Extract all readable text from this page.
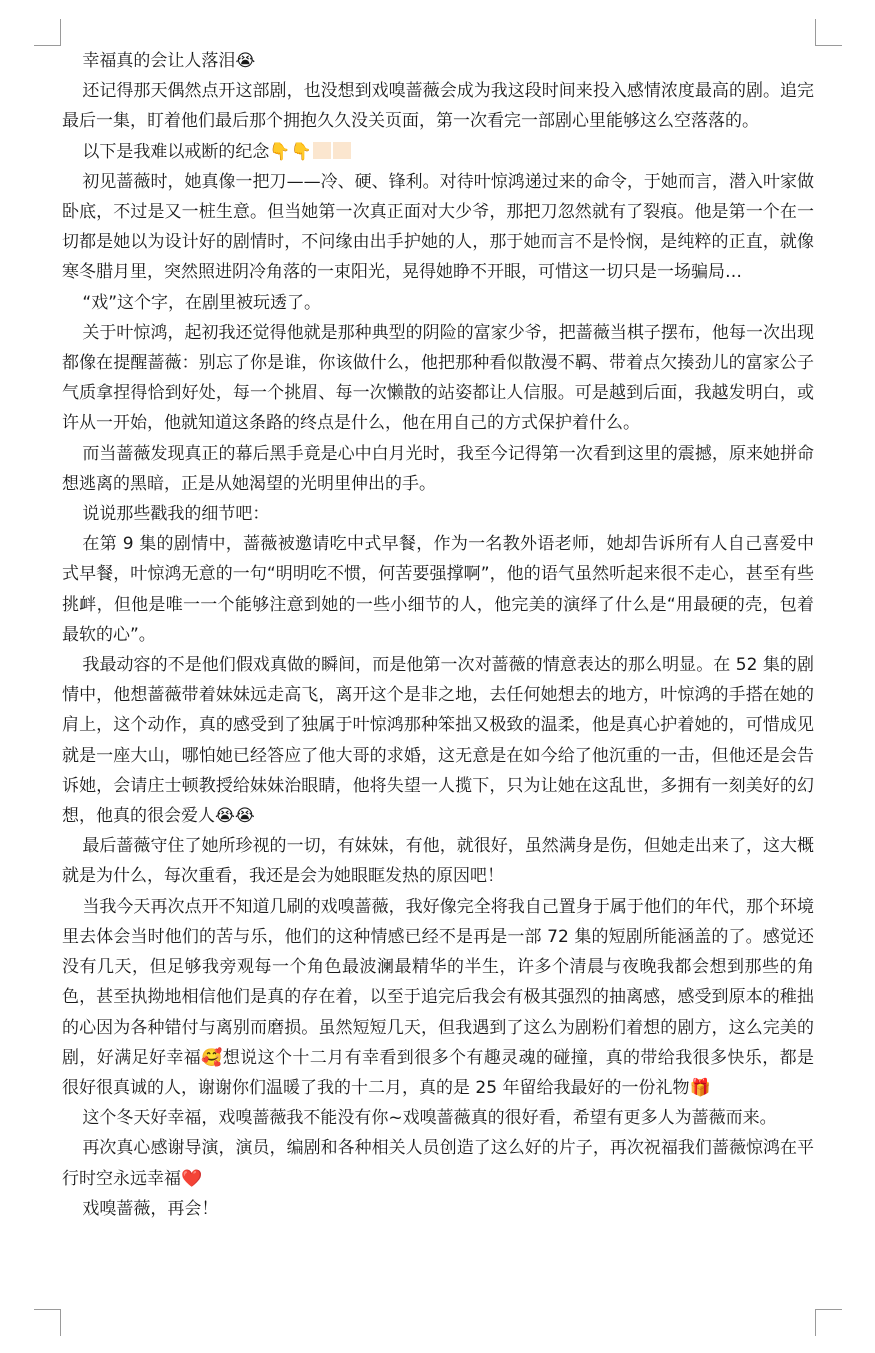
幸福真的会让人落泪😭

还记得那天偶然点开这部剧，也没想到戏嗅蔷薇会成为我这段时间来投入感情浓度最高的剧。追完最后一集，盯着他们最后那个拥抱久久没关页面，第一次看完一部剧心里能够这么空落落的。

以下是我难以戒断的纪念👇👇

初见蔷薇时，她真像一把刀——冷、硬、锋利。对待叶惊鸿递过来的命令，于她而言，潜入叶家做卧底，不过是又一桩生意。但当她第一次真正面对大少爷，那把刀忽然就有了裂痕。他是第一个在一切都是她以为设计好的剧情时，不问缘由出手护她的人，那于她而言不是怜悯，是纯粹的正直，就像寒冬腊月里，突然照进阴冷角落的一束阳光，晃得她睁不开眼，可惜这一切只是一场骗局…

“戏”这个字，在剧里被玩透了。

关于叶惊鸿，起初我还觉得他就是那种典型的阴险的富家少爷，把蔷薇当棋子摆布，他每一次出现都像在提醒蔷薇：别忘了你是谁，你该做什么，他把那种看似散漫不羁、带着点欠揍劲儿的富家公子气质拿捏得恰到好处，每一个挑眉、每一次懒散的站姿都让人信服。可是越到后面，我越发明白，或许从一开始，他就知道这条路的终点是什么，他在用自己的方式保护着什么。

而当蔷薇发现真正的幕后黑手竟是心中白月光时，我至今记得第一次看到这里的震撼，原来她拼命想逃离的黑暗，正是从她渴望的光明里伸出的手。

说说那些戳我的细节吧：

在第 9 集的剧情中，蔷薇被邀请吃中式早餐，作为一名教外语老师，她却告诉所有人自己喜爱中式早餐，叶惊鸿无意的一句“明明吃不惯，何苦要强撑啊”，他的语气虽然听起来很不走心，甚至有些挑衅，但他是唯一一个能够注意到她的一些小细节的人，他完美的演绎了什么是“用最硬的壳，包着最软的心”。

我最动容的不是他们假戏真做的瞬间，而是他第一次对蔷薇的情意表达的那么明显。在 52 集的剧情中，他想蔷薇带着妹妹远走高飞，离开这个是非之地，去任何她想去的地方，叶惊鸿的手搭在她的肩上，这个动作，真的感受到了独属于叶惊鸿那种笨拙又极致的温柔，他是真心护着她的，可惜成见就是一座大山，哪怕她已经答应了他大哥的求婚，这无意是在如今给了他沉重的一击，但他还是会告诉她，会请庄士顿教授给妹妹治眼睛，他将失望一人揽下，只为让她在这乱世，多拥有一刻美好的幻想，他真的很会爱人😭😭

最后蔷薇守住了她所珍视的一切，有妹妹，有他，就很好，虽然满身是伤，但她走出来了，这大概就是为什么，每次重看，我还是会为她眼眶发热的原因吧！

当我今天再次点开不知道几刷的戏嗅蔷薇，我好像完全将我自己置身于属于他们的年代，那个环境里去体会当时他们的苦与乐，他们的这种情感已经不是再是一部 72 集的短剧所能涵盖的了。感觉还没有几天，但足够我旁观每一个角色最波澜最精华的半生，许多个清晨与夜晚我都会想到那些的角色，甚至执拗地相信他们是真的存在着，以至于追完后我会有极其强烈的抽离感，感受到原本的稚拙的心因为各种错付与离别而磨损。虽然短短几天，但我遇到了这么为剧粉们着想的剧方，这么完美的剧，好满足好幸福🥰想说这个十二月有幸看到很多个有趣灵魂的碰撞，真的带给我很多快乐，都是很好很真诚的人，谢谢你们温暖了我的十二月，真的是 25 年留给我最好的一份礼物🎁

这个冬天好幸福，戏嗅蔷薇我不能没有你~戏嗅蔷薇真的很好看，希望有更多人为蔷薇而来。

再次真心感谢导演，演员，编剧和各种相关人员创造了这么好的片子，再次祝福我们蔷薇惊鸿在平行时空永远幸福❤️

戏嗅蔷薇，再会！
